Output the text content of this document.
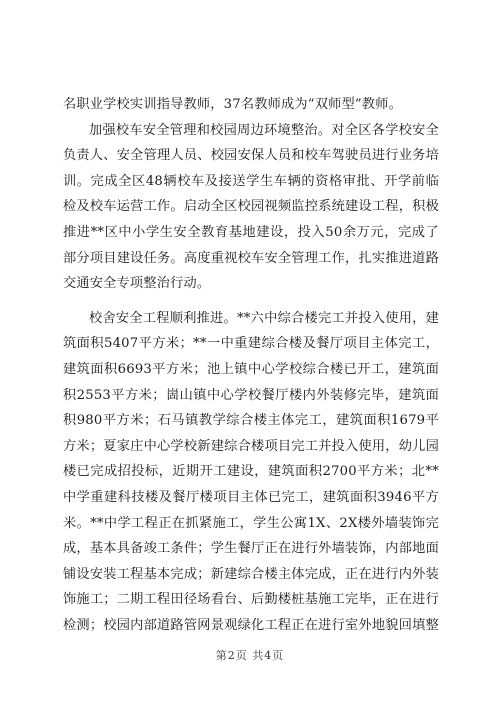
名职业学校实训指导教师，37名教师成为“双师型”教师。
加强校车安全管理和校园周边环境整治。对全区各学校安全
负责人、安全管理人员、校园安保人员和校车驾驶员进行业务培
训。完成全区48辆校车及接送学生车辆的资格审批、开学前临
检及校车运营工作。启动全区校园视频监控系统建设工程，积极
推进**区中小学生安全教育基地建设，投入50余万元，完成了
部分项目建设任务。高度重视校车安全管理工作，扎实推进道路
交通安全专项整治行动。
校舍安全工程顺利推进。**六中综合楼完工并投入使用，建
筑面积5407平方米；**一中重建综合楼及餐厅项目主体完工，
建筑面积6693平方米；池上镇中心学校综合楼已开工，建筑面
积2553平方米；崮山镇中心学校餐厅楼内外装修完毕，建筑面
积980平方米；石马镇教学综合楼主体完工，建筑面积1679平
方米；夏家庄中心学校新建综合楼项目完工并投入使用，幼儿园
楼已完成招投标，近期开工建设，建筑面积2700平方米；北**
中学重建科技楼及餐厅楼项目主体已完工，建筑面积3946平方
米。**中学工程正在抓紧施工，学生公寓1X、2X楼外墙装饰完
成，基本具备竣工条件；学生餐厅正在进行外墙装饰，内部地面
铺设安装工程基本完成；新建综合楼主体完成，正在进行内外装
饰施工；二期工程田径场看台、后勤楼桩基施工完毕，正在进行
检测；校园内部道路管网景观绿化工程正在进行室外地貌回填整
第2页 共4页
